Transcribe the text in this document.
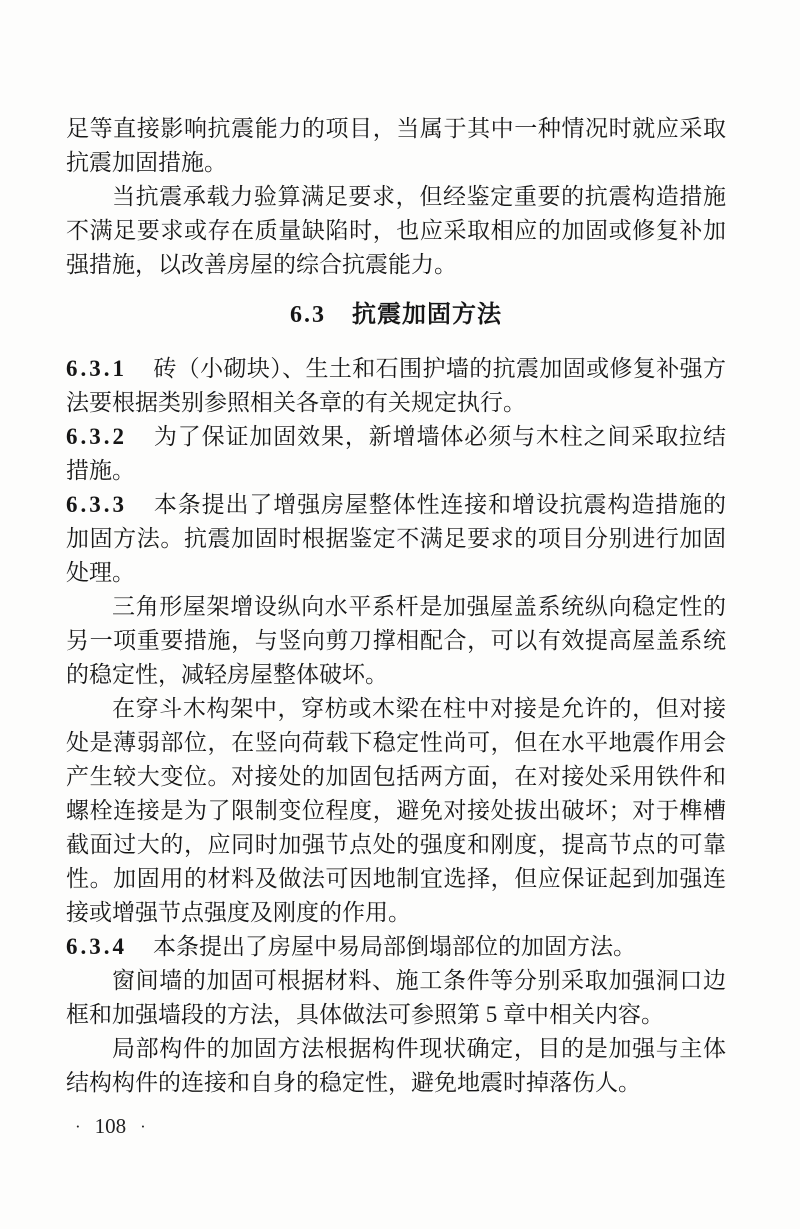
足等直接影响抗震能力的项目，当属于其中一种情况时就应采取抗震加固措施。

当抗震承载力验算满足要求，但经鉴定重要的抗震构造措施不满足要求或存在质量缺陷时，也应采取相应的加固或修复补加强措施，以改善房屋的综合抗震能力。

6.3 抗震加固方法

6.3.1 砖（小砌块）、生土和石围护墙的抗震加固或修复补强方法要根据类别参照相关各章的有关规定执行。

6.3.2 为了保证加固效果，新增墙体必须与木柱之间采取拉结措施。

6.3.3 本条提出了增强房屋整体性连接和增设抗震构造措施的加固方法。抗震加固时根据鉴定不满足要求的项目分别进行加固处理。

三角形屋架增设纵向水平系杆是加强屋盖系统纵向稳定性的另一项重要措施，与竖向剪刀撑相配合，可以有效提高屋盖系统的稳定性，减轻房屋整体破坏。

在穿斗木构架中，穿枋或木梁在柱中对接是允许的，但对接处是薄弱部位，在竖向荷载下稳定性尚可，但在水平地震作用会产生较大变位。对接处的加固包括两方面，在对接处采用铁件和螺栓连接是为了限制变位程度，避免对接处拔出破坏；对于榫槽截面过大的，应同时加强节点处的强度和刚度，提高节点的可靠性。加固用的材料及做法可因地制宜选择，但应保证起到加强连接或增强节点强度及刚度的作用。

6.3.4 本条提出了房屋中易局部倒塌部位的加固方法。

窗间墙的加固可根据材料、施工条件等分别采取加强洞口边框和加强墙段的方法，具体做法可参照第 5 章中相关内容。

局部构件的加固方法根据构件现状确定，目的是加强与主体结构构件的连接和自身的稳定性，避免地震时掉落伤人。

· 108 ·
